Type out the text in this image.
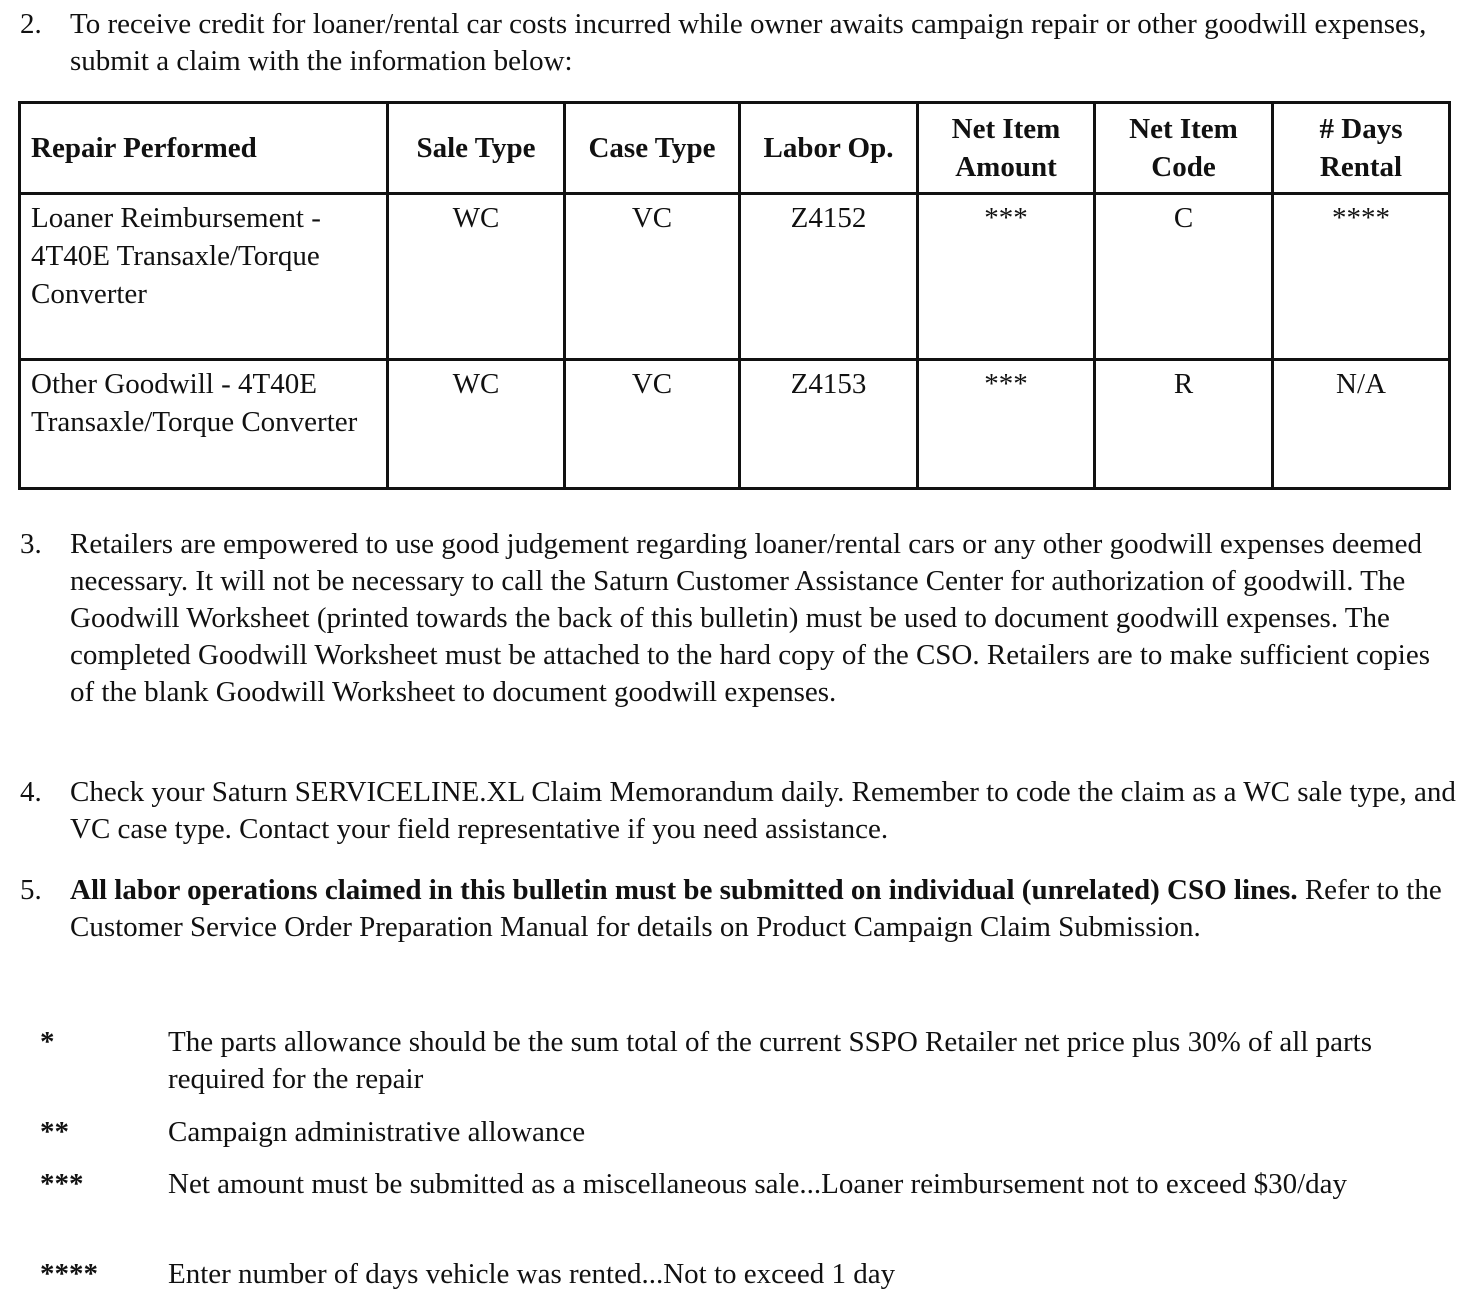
2. To receive credit for loaner/rental car costs incurred while owner awaits campaign repair or other goodwill expenses, submit a claim with the information below:
Repair Performed	Sale Type	Case Type	Labor Op.	Net Item Amount	Net Item Code	# Days Rental
Loaner Reimbursement - 4T40E Transaxle/Torque Converter	WC	VC	Z4152	***	C	****
Other Goodwill - 4T40E Transaxle/Torque Converter	WC	VC	Z4153	***	R	N/A
3. Retailers are empowered to use good judgement regarding loaner/rental cars or any other goodwill expenses deemed necessary. It will not be necessary to call the Saturn Customer Assistance Center for authorization of goodwill. The Goodwill Worksheet (printed towards the back of this bulletin) must be used to document goodwill expenses. The completed Goodwill Worksheet must be attached to the hard copy of the CSO. Retailers are to make sufficient copies of the blank Goodwill Worksheet to document goodwill expenses.
4. Check your Saturn SERVICELINE.XL Claim Memorandum daily. Remember to code the claim as a WC sale type, and VC case type. Contact your field representative if you need assistance.
5. All labor operations claimed in this bulletin must be submitted on individual (unrelated) CSO lines. Refer to the Customer Service Order Preparation Manual for details on Product Campaign Claim Submission.
*	The parts allowance should be the sum total of the current SSPO Retailer net price plus 30% of all parts required for the repair
**	Campaign administrative allowance
***	Net amount must be submitted as a miscellaneous sale...Loaner reimbursement not to exceed $30/day
****	Enter number of days vehicle was rented...Not to exceed 1 day
